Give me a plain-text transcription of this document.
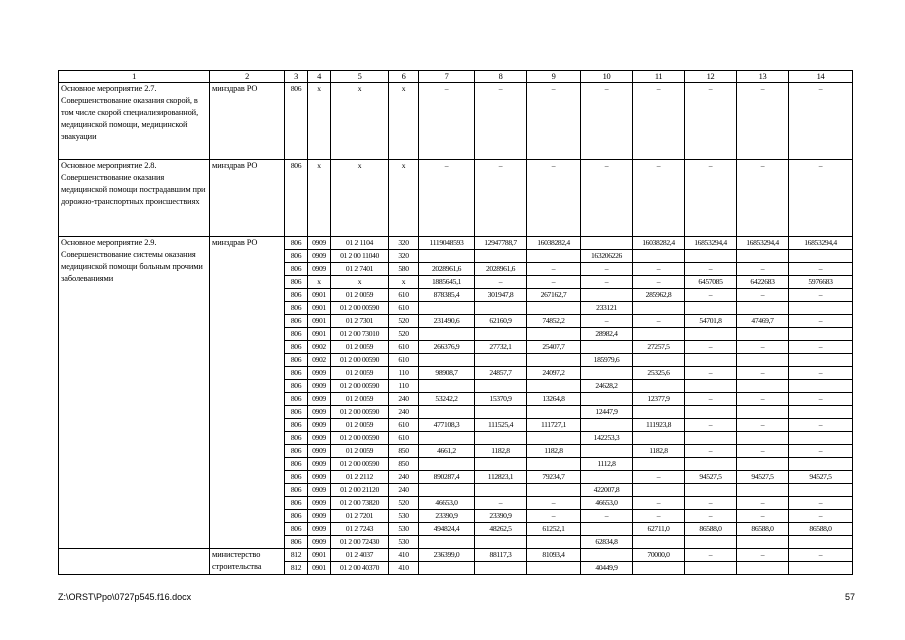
1	2	3	4	5	6	7	8	9	10	11	12	13	14
Основное мероприятие 2.7. Совершенствование оказания скорой, в том числе скорой специализированной, медицинской помощи, медицинской эвакуации	минздрав РО	806	х	х	х	–	–	–	–	–	–	–	–
Основное мероприятие 2.8. Совершенствование оказания медицинской помощи пострадавшим при дорожно-транспортных происшествиях	минздрав РО	806	х	х	х	–	–	–	–	–	–	–	–
Основное мероприятие 2.9. Совершенствование системы оказания медицинской помощи больным прочими заболеваниями	минздрав РО	806	0909	01 2 1104	320	1119048593	12947788,7	16038282,4		16038282,4	16853294,4	16853294,4	16853294,4
		806	0909	01 2 00 11040	320				163206226				
		806	0909	01 2 7401	580	2028961,6	2028961,6	–	–	–	–	–	–
		806	х	х	х	1885645,1	–	–	–	–	6457085	6422683	5976683
		806	0901	01 2 0059	610	878385,4	301947,8	267162,7		285962,8	–	–	–
		806	0901	01 2 00 00590	610				233121				
		806	0901	01 2 7301	520	231490,6	62160,9	74852,2	–	–	54701,8	47469,7	–
		806	0901	01 2 00 73010	520				28982,4				
		806	0902	01 2 0059	610	266376,9	27732,1	25407,7		27257,5	–	–	–
		806	0902	01 2 00 00590	610				185979,6				
		806	0909	01 2 0059	110	98908,7	24857,7	24097,2		25325,6	–	–	–
		806	0909	01 2 00 00590	110				24628,2				
		806	0909	01 2 0059	240	53242,2	15370,9	13264,8		12377,9	–	–	–
		806	0909	01 2 00 00590	240				12447,9				
		806	0909	01 2 0059	610	477108,3	111525,4	111727,1		111923,8	–	–	–
		806	0909	01 2 00 00590	610				142253,3				
		806	0909	01 2 0059	850	4661,2	1182,8	1182,8		1182,8	–	–	–
		806	0909	01 2 00 00590	850				1112,8				
		806	0909	01 2 2112	240	890287,4	112823,1	79234,7		–	94527,5	94527,5	94527,5
		806	0909	01 2 00 21120	240				422007,8				
		806	0909	01 2 00 73820	520	46653,0	–	–	46653,0	–	–	–	–
		806	0909	01 2 7201	530	23390,9	23390,9	–	–	–	–	–	–
		806	0909	01 2 7243	530	494824,4	48262,5	61252,1		62711,0	86588,0	86588,0	86588,0
		806	0909	01 2 00 72430	530				62834,8				
	министерство строительства	812	0901	01 2 4037	410	236399,0	88117,3	81093,4		70000,0	–	–	–
		812	0901	01 2 00 40370	410				40449,9				
Z:\ORST\Ppo\0727p545.f16.docx	57
